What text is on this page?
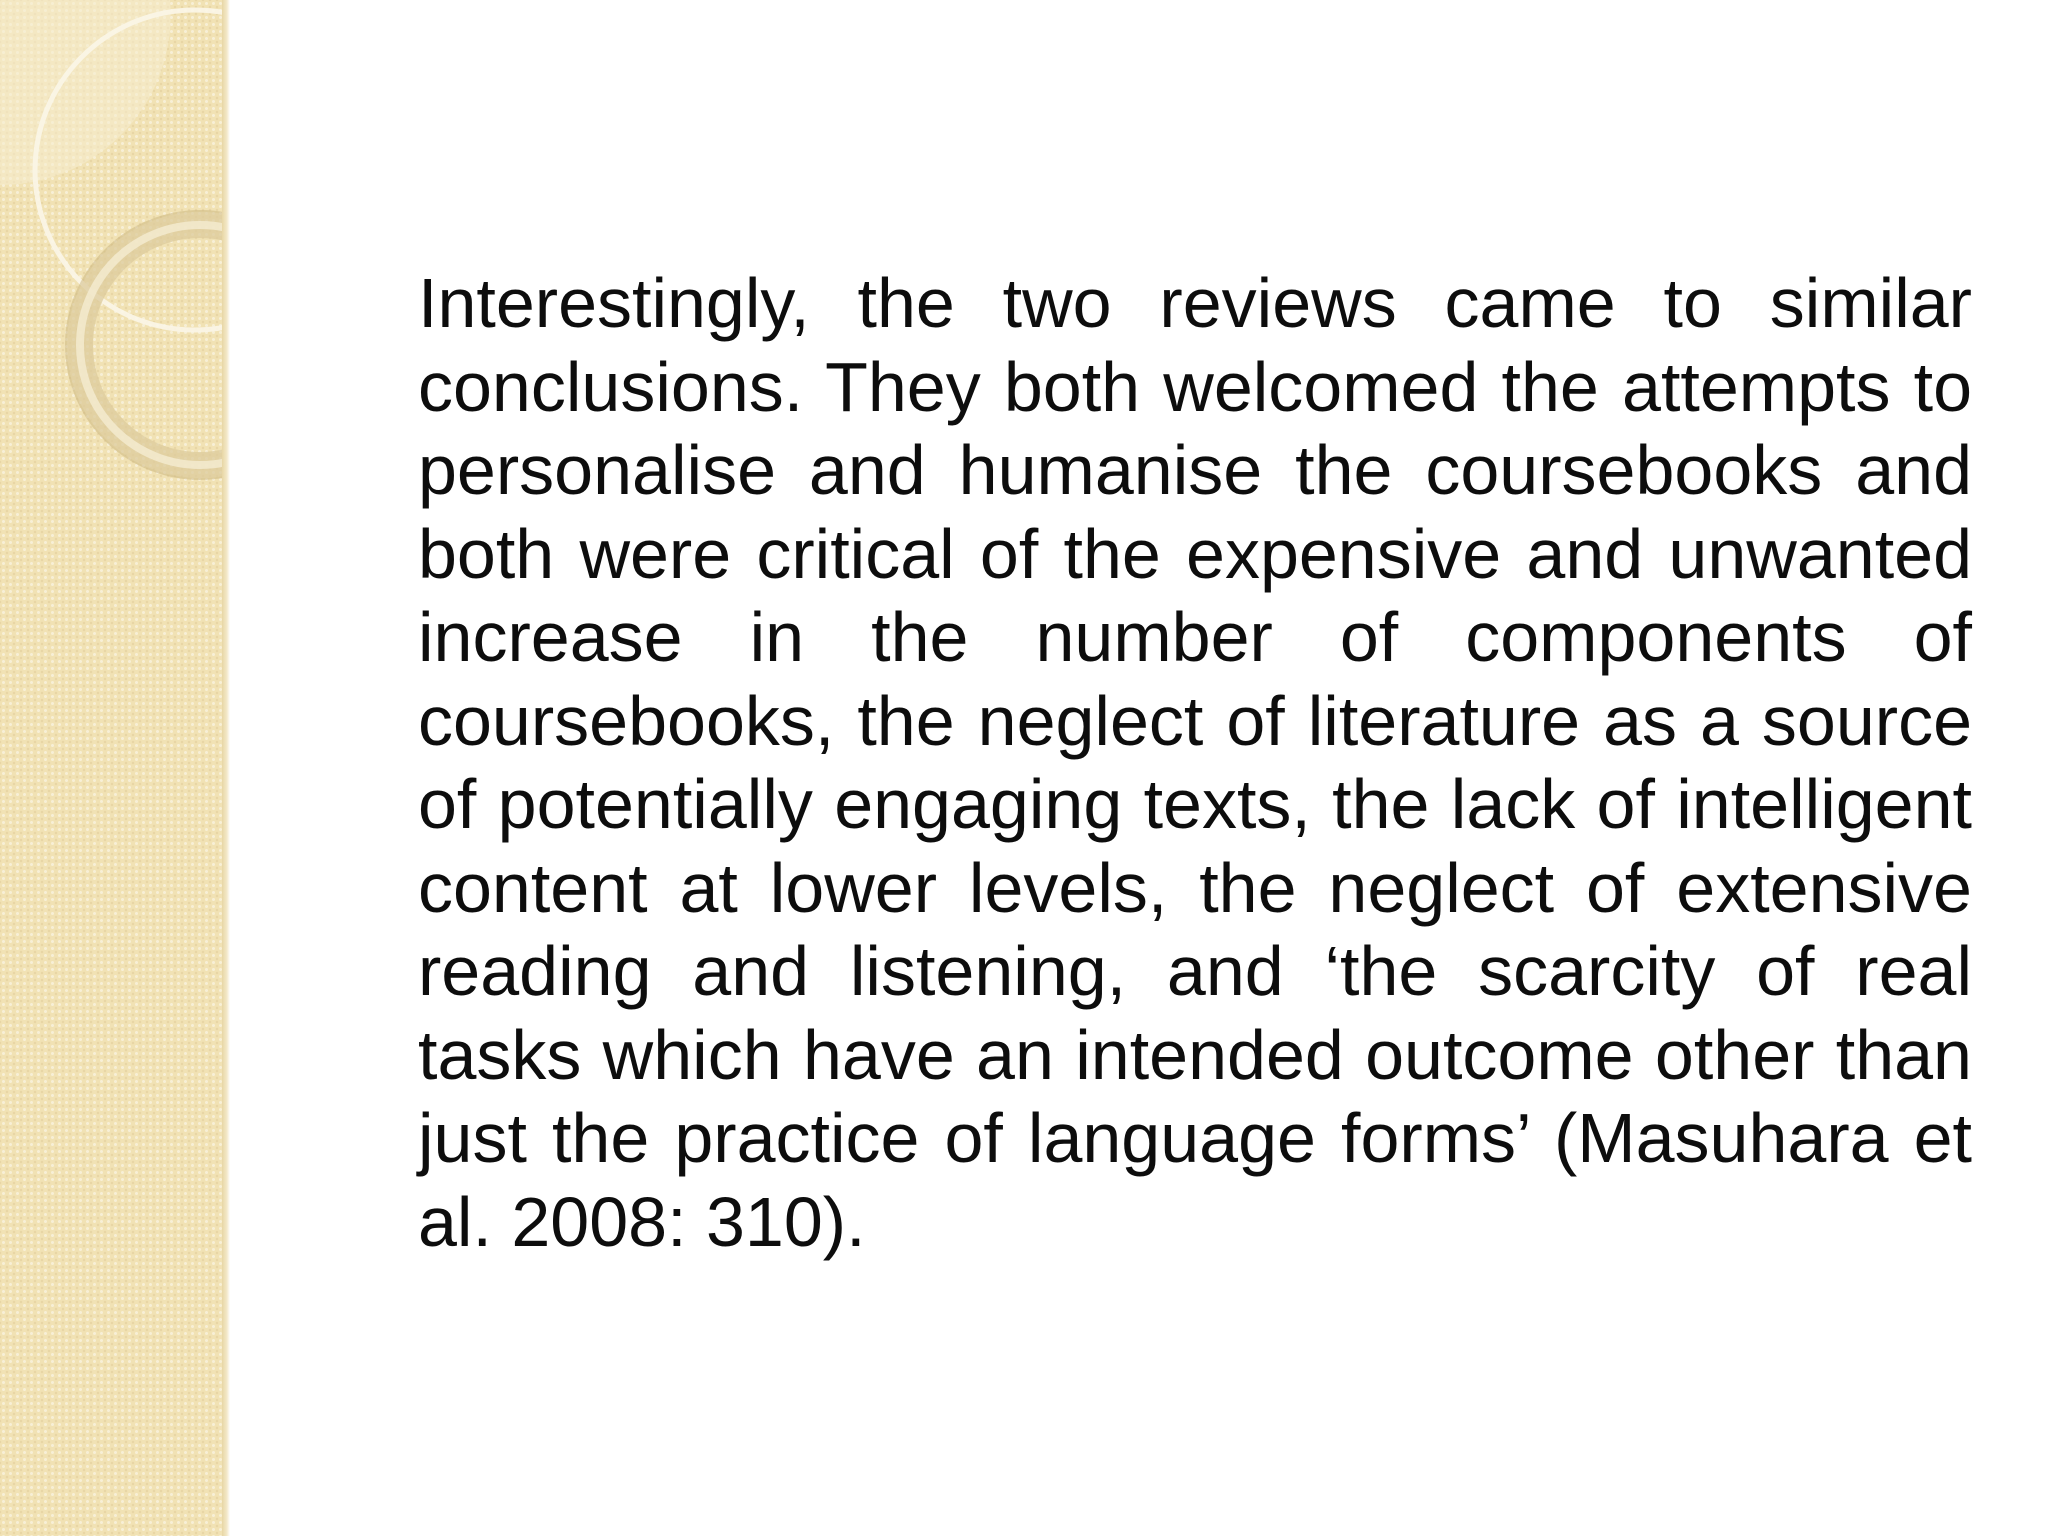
Interestingly, the two reviews came to similar conclusions. They both welcomed the attempts to personalise and humanise the coursebooks and both were critical of the expensive and unwanted increase in the number of components of coursebooks, the neglect of literature as a source of potentially engaging texts, the lack of intelligent content at lower levels, the neglect of extensive reading and listening, and ‘the scarcity of real tasks which have an intended outcome other than just the practice of language forms’ (Masuhara et al. 2008: 310).
